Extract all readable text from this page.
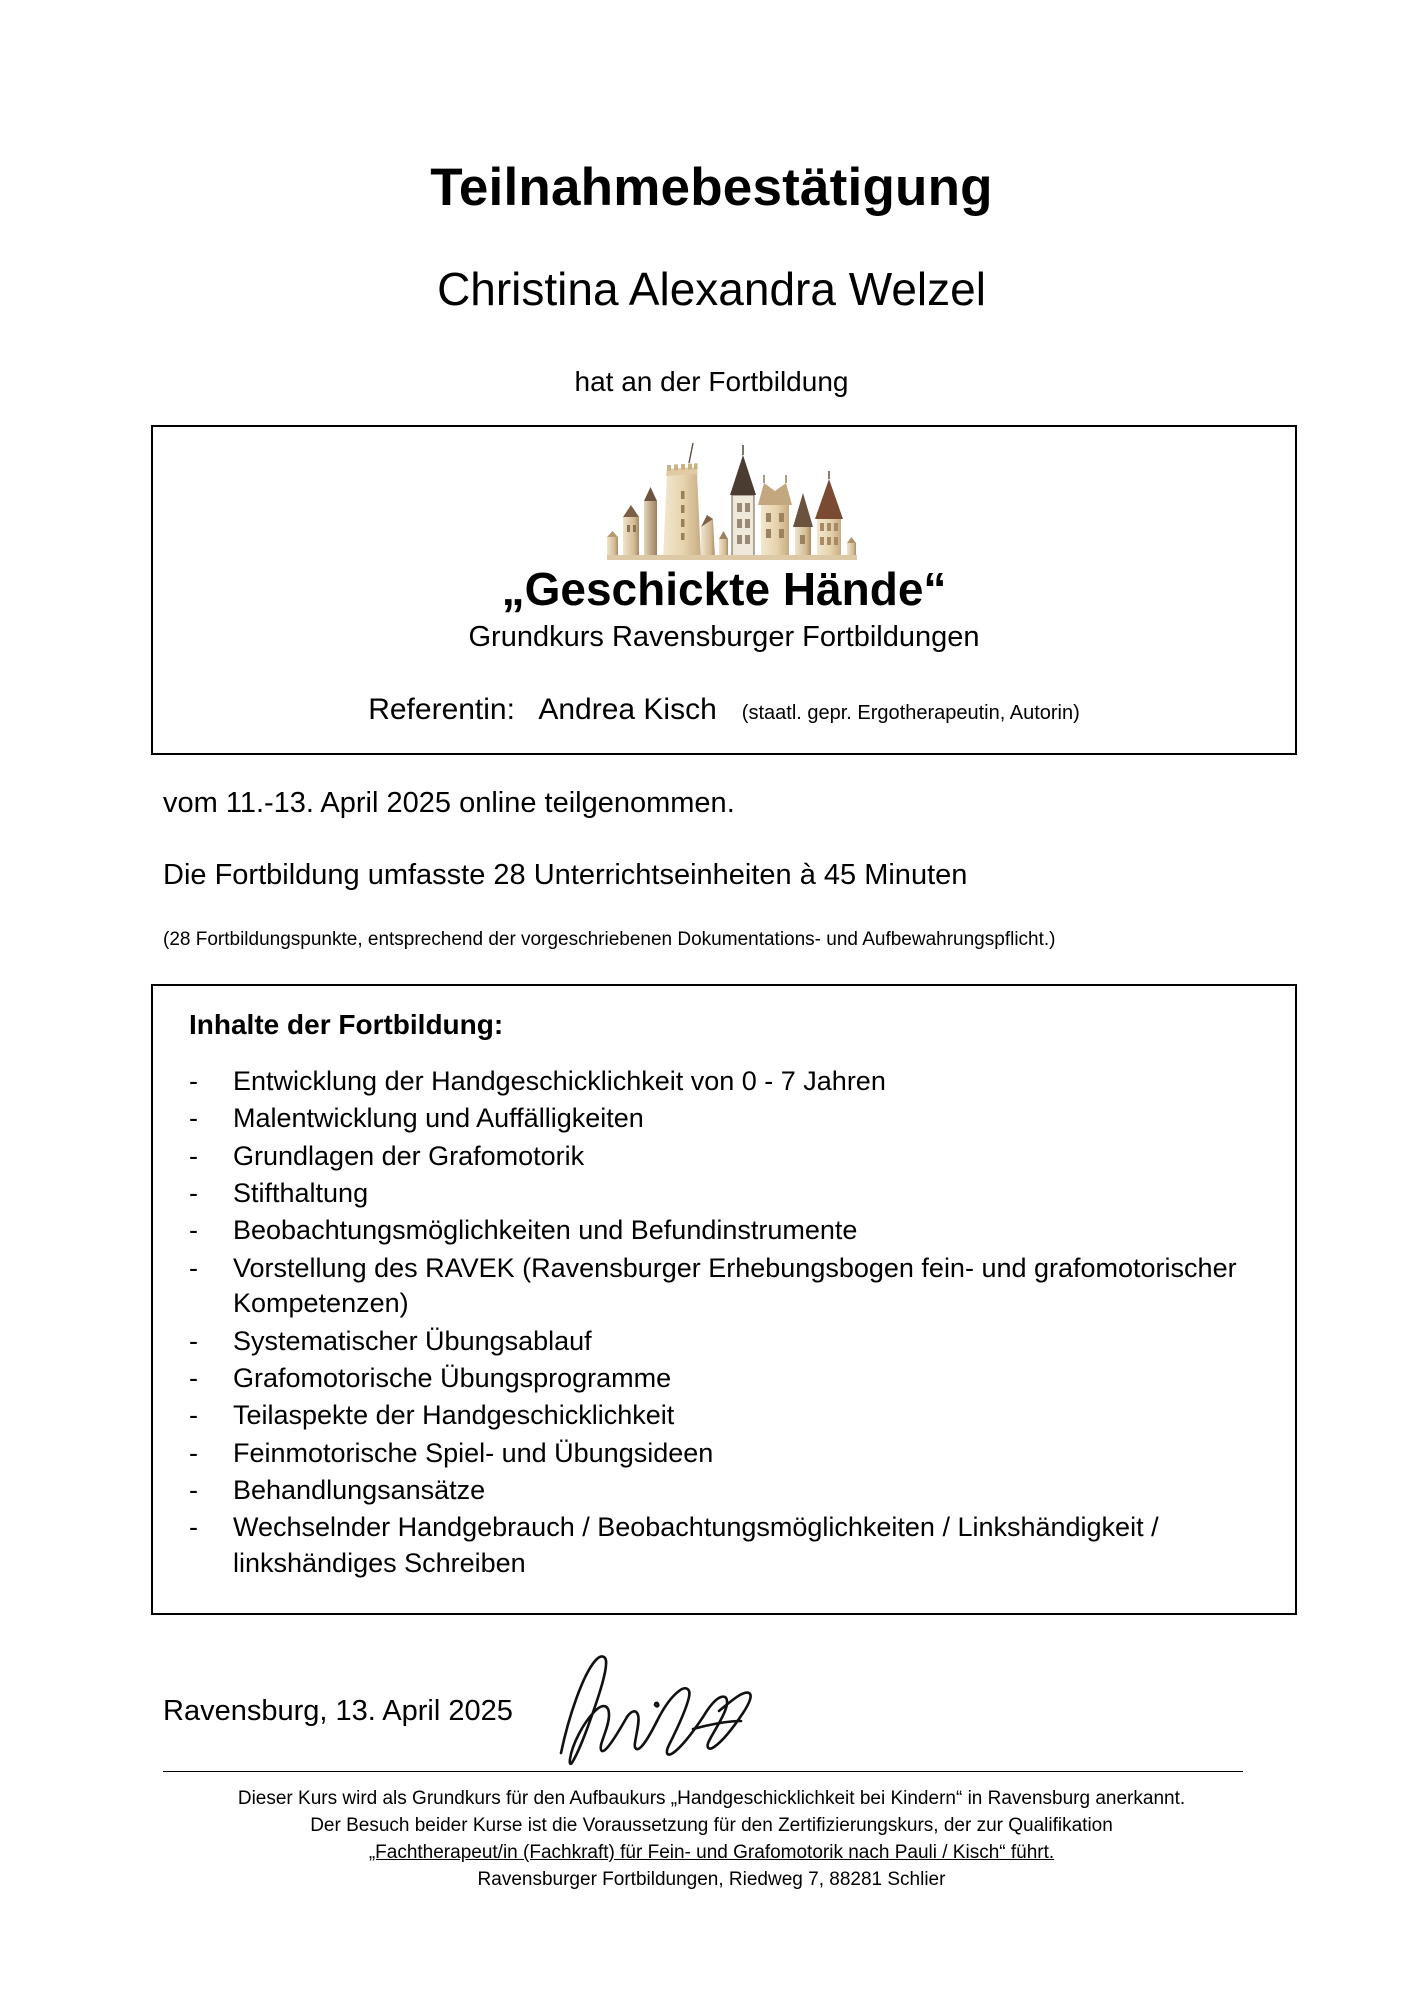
Teilnahmebestätigung
Christina Alexandra Welzel

hat an der Fortbildung

„Geschickte Hände“
Grundkurs Ravensburger Fortbildungen
Referentin: Andrea Kisch (staatl. gepr. Ergotherapeutin, Autorin)

vom 11.-13. April 2025 online teilgenommen.

Die Fortbildung umfasste 28 Unterrichtseinheiten à 45 Minuten

(28 Fortbildungspunkte, entsprechend der vorgeschriebenen Dokumentations- und Aufbewahrungspflicht.)

Inhalte der Fortbildung:
- Entwicklung der Handgeschicklichkeit von 0 - 7 Jahren
- Malentwicklung und Auffälligkeiten
- Grundlagen der Grafomotorik
- Stifthaltung
- Beobachtungsmöglichkeiten und Befundinstrumente
- Vorstellung des RAVEK (Ravensburger Erhebungsbogen fein- und grafomotorischer Kompetenzen)
- Systematischer Übungsablauf
- Grafomotorische Übungsprogramme
- Teilaspekte der Handgeschicklichkeit
- Feinmotorische Spiel- und Übungsideen
- Behandlungsansätze
- Wechselnder Handgebrauch / Beobachtungsmöglichkeiten / Linkshändigkeit / linkshändiges Schreiben
Ravensburg, 13. April 2025
Dieser Kurs wird als Grundkurs für den Aufbaukurs „Handgeschicklichkeit bei Kindern“ in Ravensburg anerkannt.
Der Besuch beider Kurse ist die Voraussetzung für den Zertifizierungskurs, der zur Qualifikation
„Fachtherapeut/in (Fachkraft) für Fein- und Grafomotorik nach Pauli / Kisch“ führt.
Ravensburger Fortbildungen, Riedweg 7, 88281 Schlier
